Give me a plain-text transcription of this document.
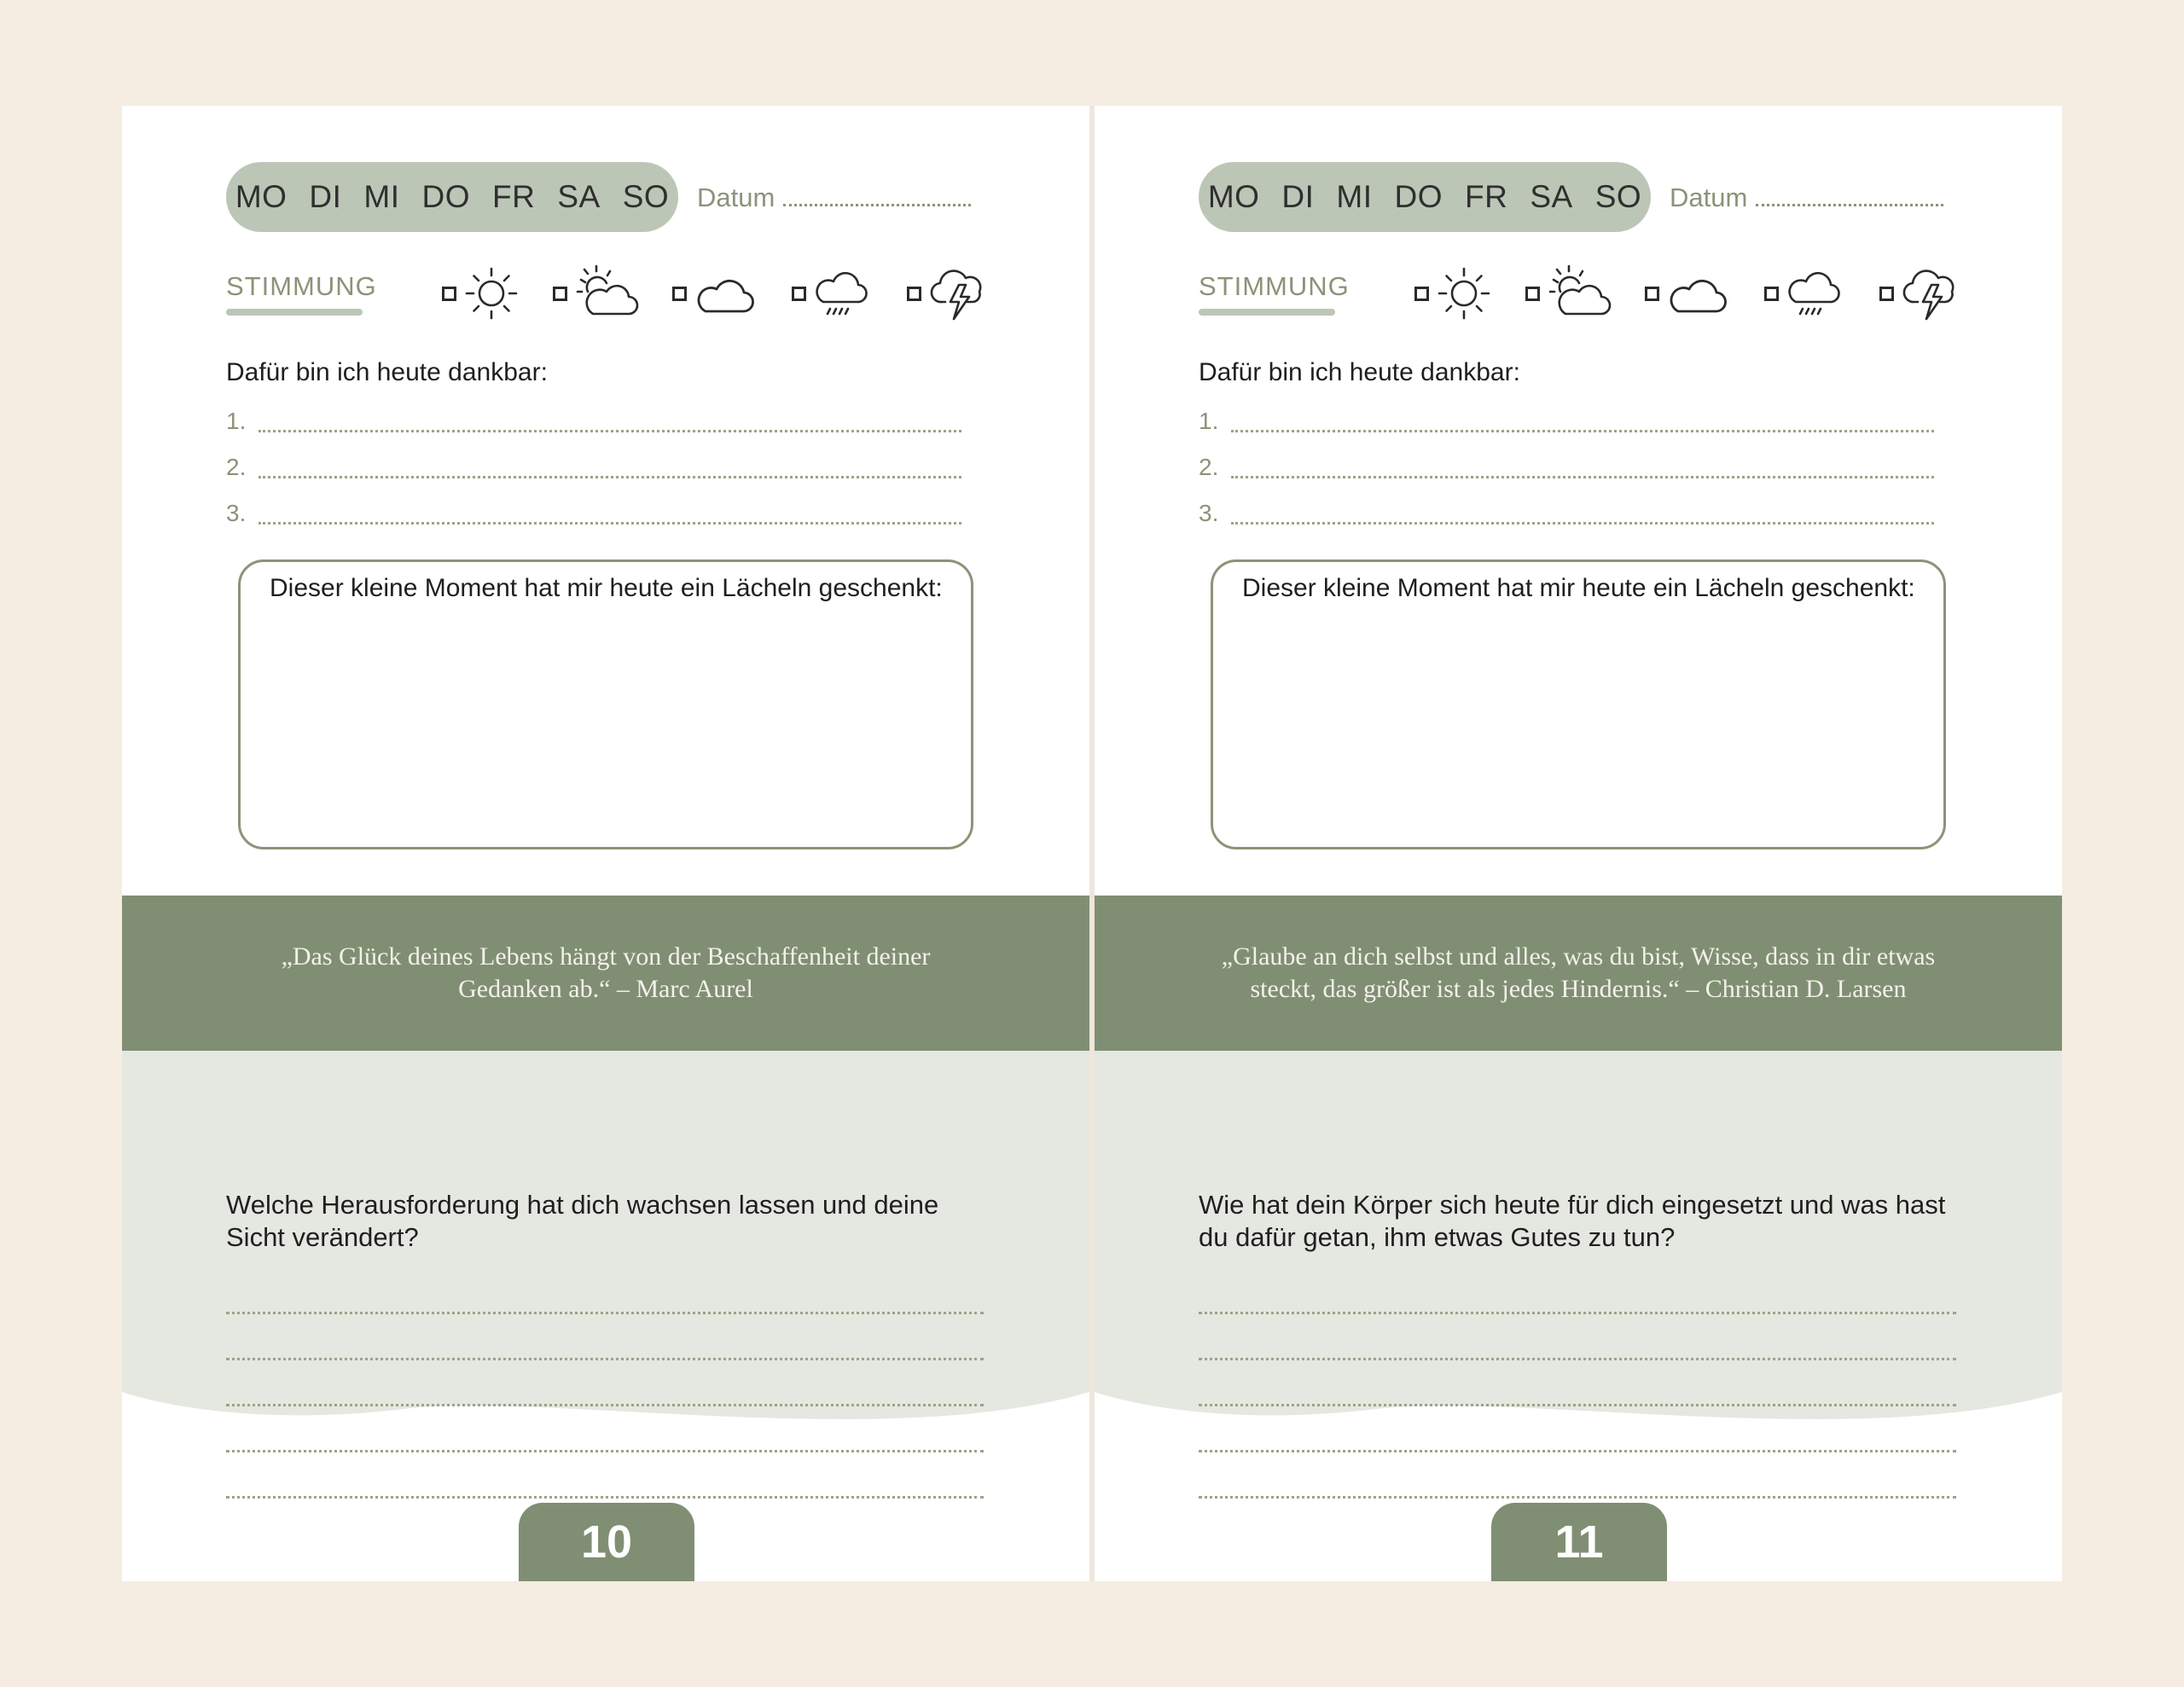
MO DI MI DO FR SA SO	Datum
STIMMUNG
Dafür bin ich heute dankbar:
1.
2.
3.
Dieser kleine Moment hat mir heute ein Lächeln geschenkt:
„Das Glück deines Lebens hängt von der Beschaffenheit deiner Gedanken ab.“ – Marc Aurel
Welche Herausforderung hat dich wachsen lassen und deine Sicht verändert?
10
MO DI MI DO FR SA SO	Datum
STIMMUNG
Dafür bin ich heute dankbar:
1.
2.
3.
Dieser kleine Moment hat mir heute ein Lächeln geschenkt:
„Glaube an dich selbst und alles, was du bist, Wisse, dass in dir etwas steckt, das größer ist als jedes Hindernis.“ – Christian D. Larsen
Wie hat dein Körper sich heute für dich eingesetzt und was hast du dafür getan, ihm etwas Gutes zu tun?
11
